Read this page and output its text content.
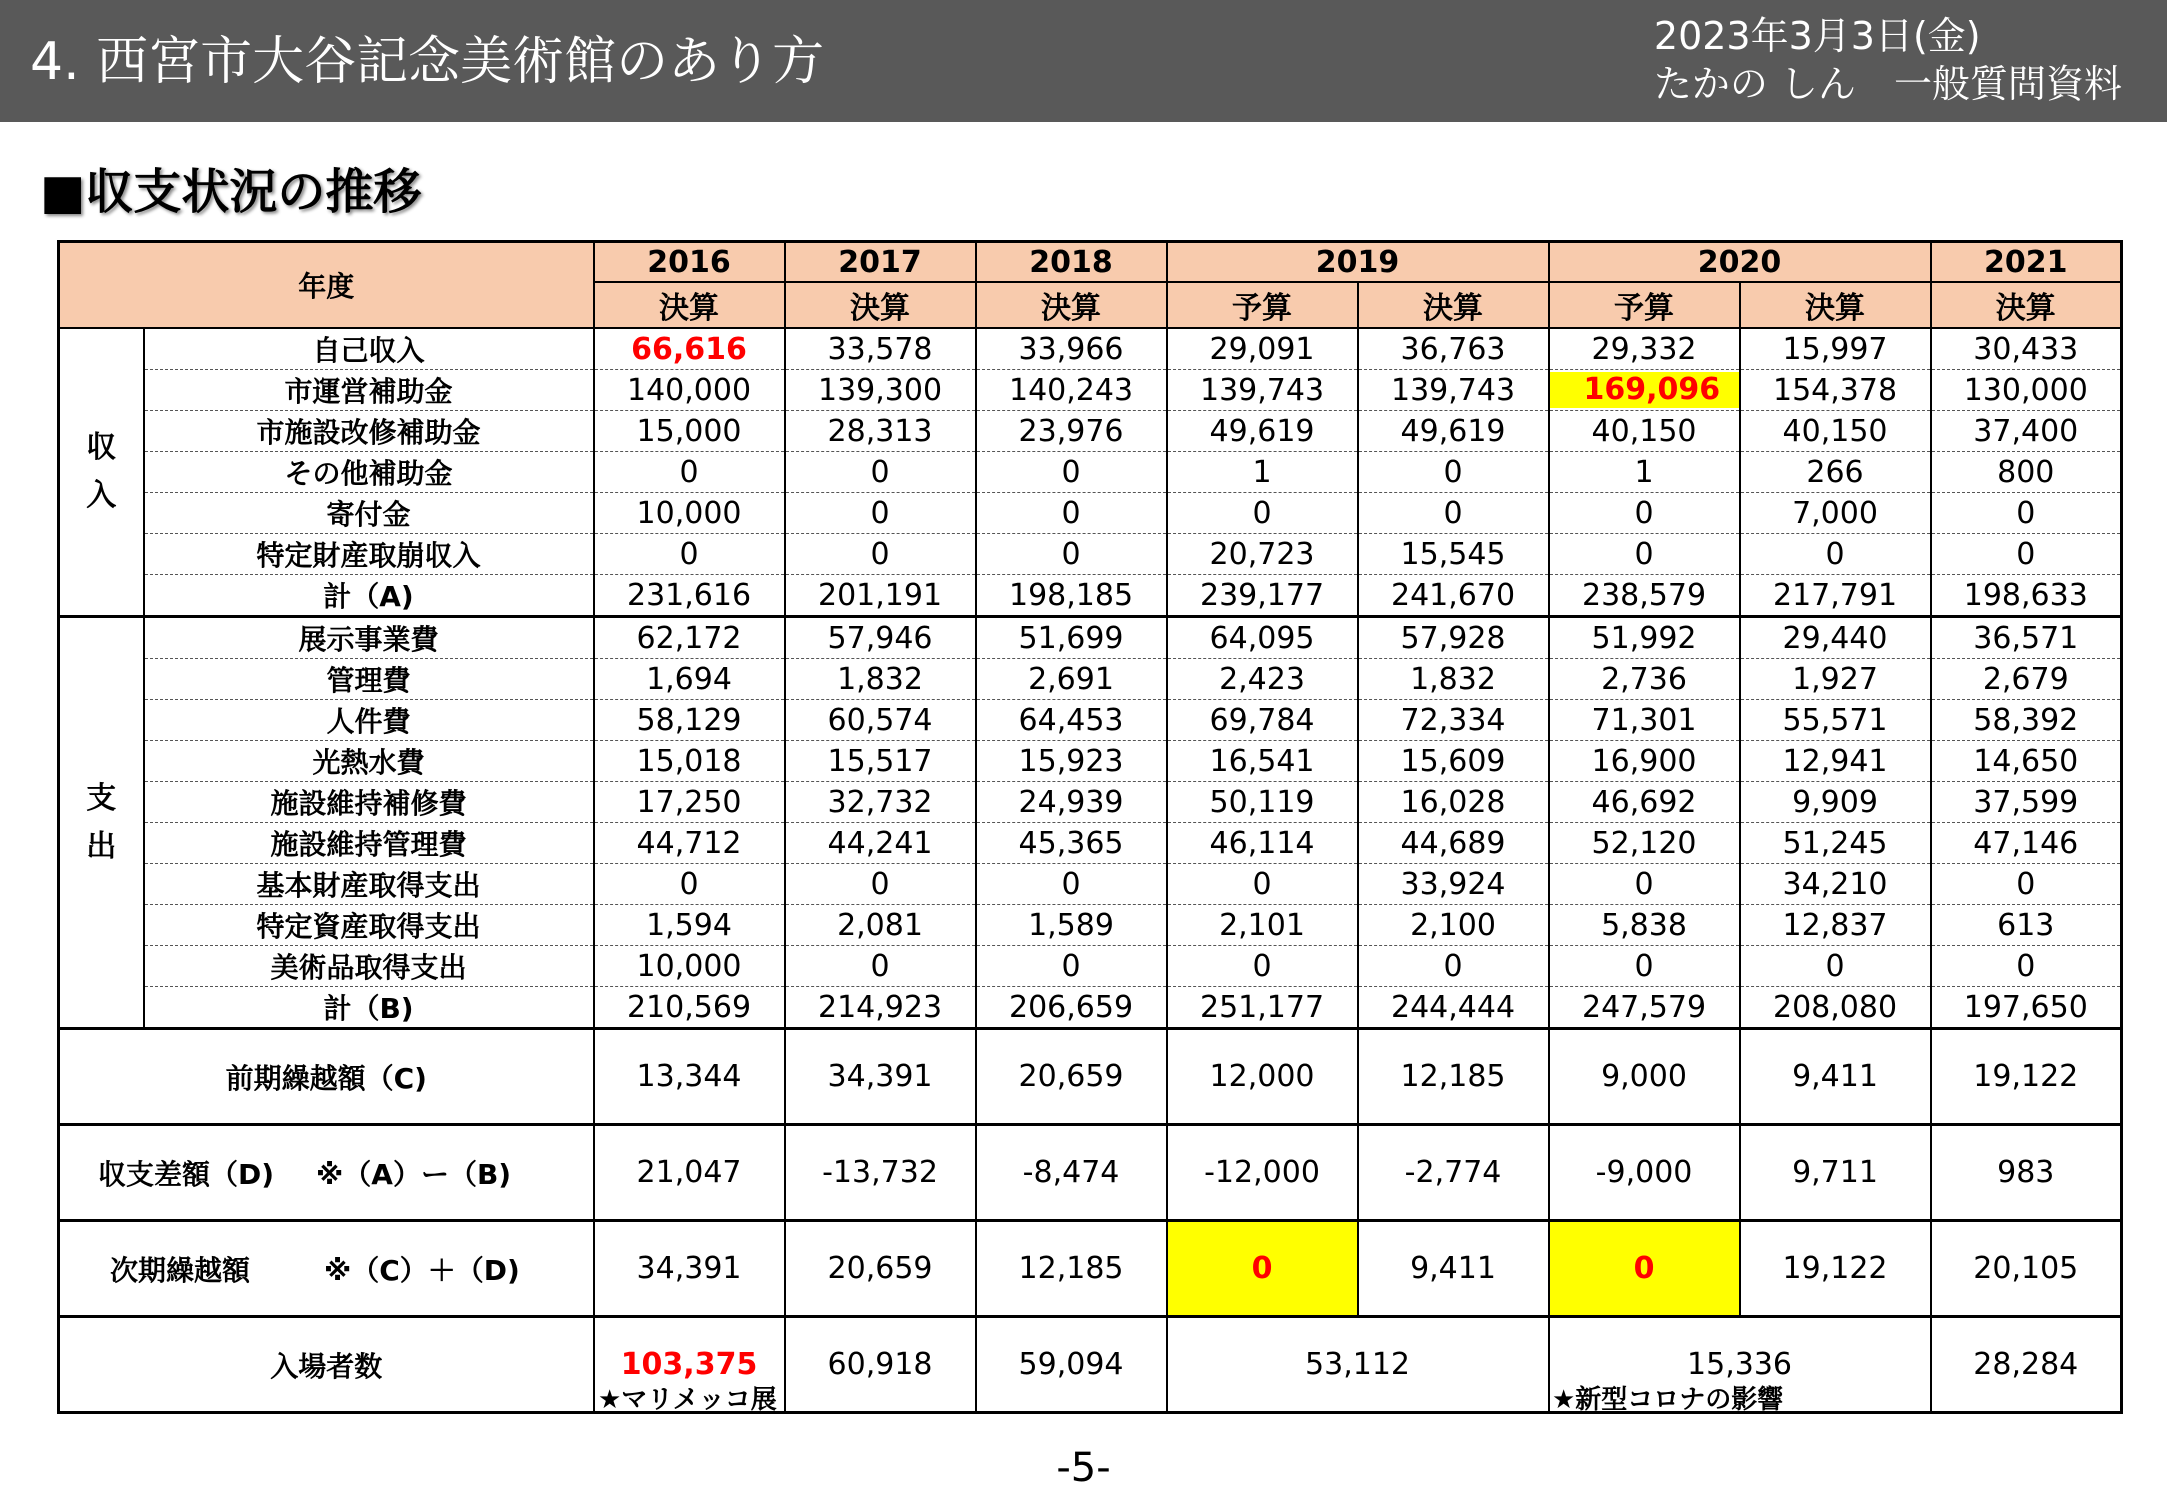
4. 西宮市大谷記念美術館のあり方	2023年3月3日(金)
たかの しん　一般質問資料
■収支状況の推移
年度		2016	2017	2018	2019		2020		2021
		決算	決算	決算	予算	決算	予算	決算	決算
収
入	自己収入	66,616	33,578	33,966	29,091	36,763	29,332	15,997	30,433
	市運営補助金	140,000	139,300	140,243	139,743	139,743	169,096	154,378	130,000
	市施設改修補助金	15,000	28,313	23,976	49,619	49,619	40,150	40,150	37,400
	その他補助金	0	0	0	1	0	1	266	800
	寄付金	10,000	0	0	0	0	0	7,000	0
	特定財産取崩収入	0	0	0	20,723	15,545	0	0	0
	計（A)	231,616	201,191	198,185	239,177	241,670	238,579	217,791	198,633
支
出	展示事業費	62,172	57,946	51,699	64,095	57,928	51,992	29,440	36,571
	管理費	1,694	1,832	2,691	2,423	1,832	2,736	1,927	2,679
	人件費	58,129	60,574	64,453	69,784	72,334	71,301	55,571	58,392
	光熱水費	15,018	15,517	15,923	16,541	15,609	16,900	12,941	14,650
	施設維持補修費	17,250	32,732	24,939	50,119	16,028	46,692	9,909	37,599
	施設維持管理費	44,712	44,241	45,365	46,114	44,689	52,120	51,245	47,146
	基本財産取得支出	0	0	0	0	33,924	0	34,210	0
	特定資産取得支出	1,594	2,081	1,589	2,101	2,100	5,838	12,837	613
	美術品取得支出	10,000	0	0	0	0	0	0	0
	計（B)	210,569	214,923	206,659	251,177	244,444	247,579	208,080	197,650
前期繰越額（C)		13,344	34,391	20,659	12,000	12,185	9,000	9,411	19,122
収支差額（D) ※（A）ー（B)		21,047	-13,732	-8,474	-12,000	-2,774	-9,000	9,711	983
次期繰越額 ※（C）＋（D)		34,391	20,659	12,185	0	9,411	0	19,122	20,105
入場者数		103,375	60,918	59,094	53,112		15,336		28,284
★マリメッコ展	★新型コロナの影響
-5-
